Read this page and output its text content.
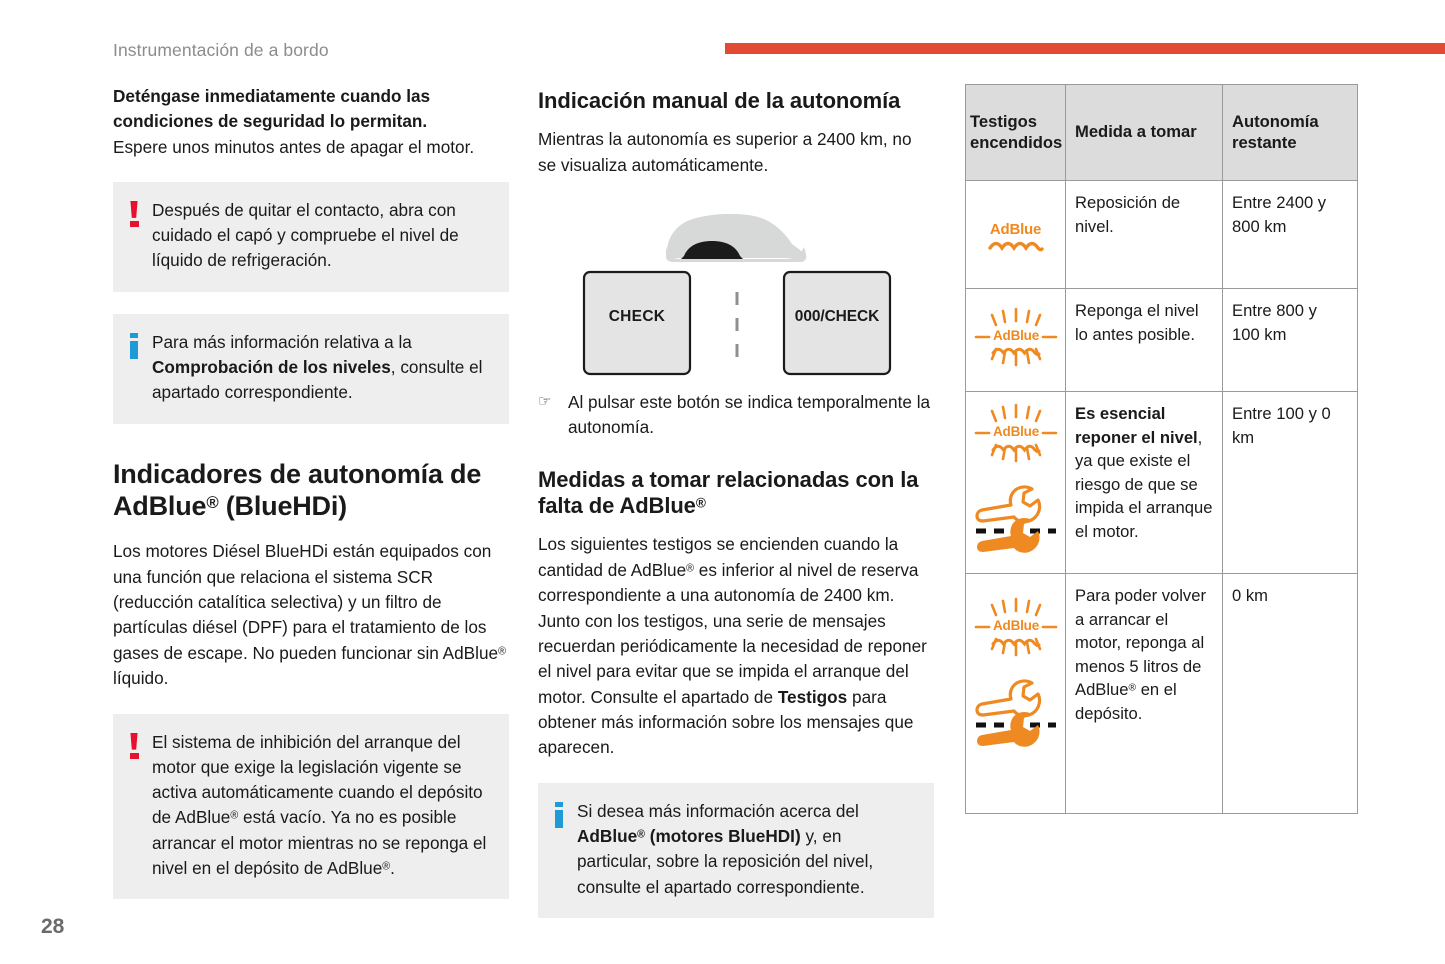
Instrumentación de a bordo
Deténgase inmediatamente cuando las condiciones de seguridad lo permitan.
Espere unos minutos antes de apagar el motor.
Después de quitar el contacto, abra con cuidado el capó y compruebe el nivel de líquido de refrigeración.
Para más información relativa a la Comprobación de los niveles, consulte el apartado correspondiente.
Indicadores de autonomía de AdBlue® (BlueHDi)

Los motores Diésel BlueHDi están equipados con una función que relaciona el sistema SCR (reducción catalítica selectiva) y un filtro de partículas diésel (DPF) para el tratamiento de los gases de escape. No pueden funcionar sin AdBlue® líquido.

El sistema de inhibición del arranque del motor que exige la legislación vigente se activa automáticamente cuando el depósito de AdBlue® está vacío. Ya no es posible arrancar el motor mientras no se reponga el nivel en el depósito de AdBlue®.
Indicación manual de la autonomía

Mientras la autonomía es superior a 2400 km, no se visualiza automáticamente.

CHECK	000/CHECK
☞ Al pulsar este botón se indica temporalmente la autonomía.
Medidas a tomar relacionadas con la falta de AdBlue®

Los siguientes testigos se encienden cuando la cantidad de AdBlue® es inferior al nivel de reserva correspondiente a una autonomía de 2400 km.

Junto con los testigos, una serie de mensajes recuerdan periódicamente la necesidad de reponer el nivel para evitar que se impida el arranque del motor. Consulte el apartado de Testigos para obtener más información sobre los mensajes que aparecen.

Si desea más información acerca del AdBlue® (motores BlueHDI) y, en particular, sobre la reposición del nivel, consulte el apartado correspondiente.
Testigos encendidos	Medida a tomar	Autonomía restante

AdBlue	Reposición de nivel.	Entre 2400 y 800 km

AdBlue	Reponga el nivel lo antes posible.	Entre 800 y 100 km

AdBlue	Es esencial reponer el nivel, ya que existe el riesgo de que se impida el arranque el motor.	Entre 100 y 0 km

AdBlue	Para poder volver a arrancar el motor, reponga al menos 5 litros de AdBlue® en el depósito.	0 km
28
